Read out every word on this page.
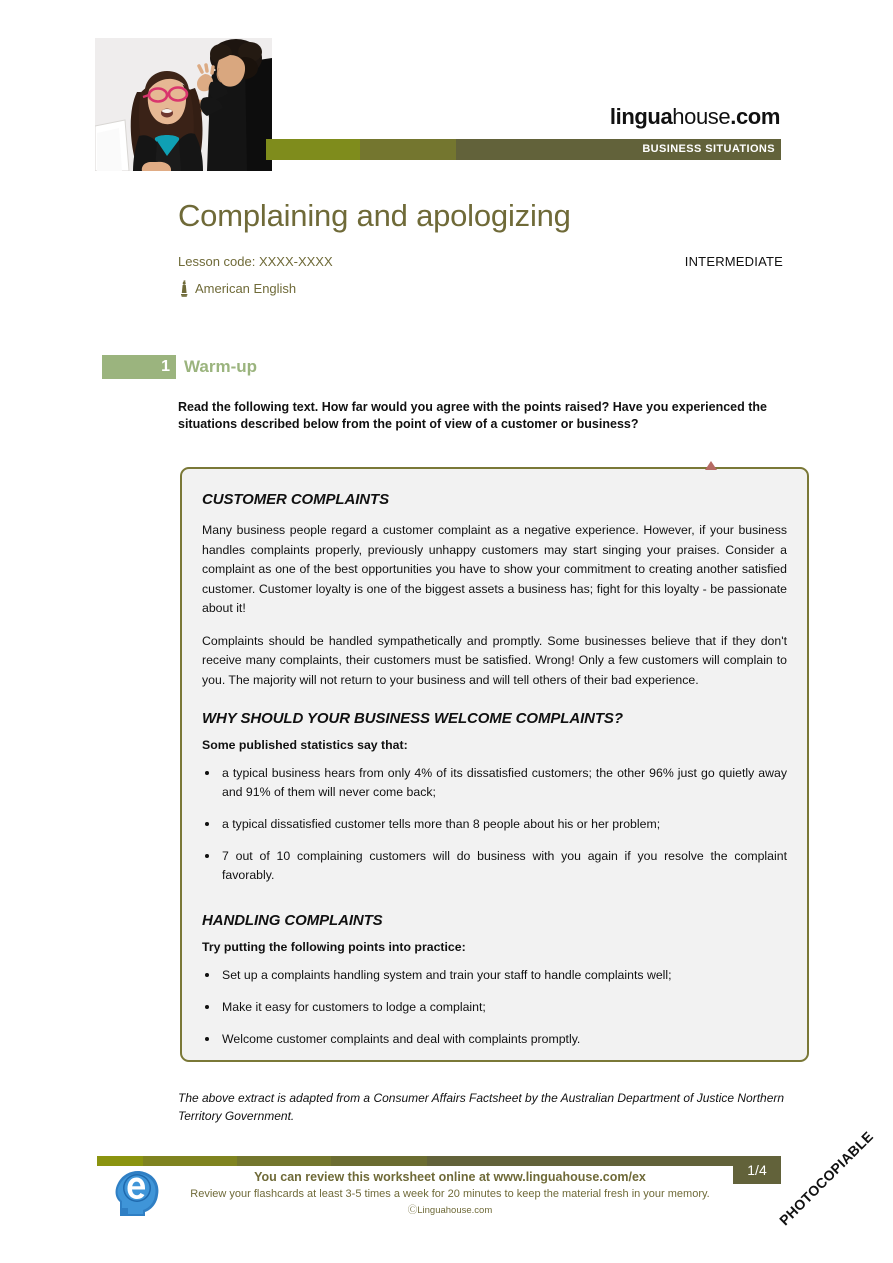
linguahouse.com
BUSINESS SITUATIONS
Complaining and apologizing
Lesson code: XXXX-XXXX	INTERMEDIATE
American English
1 Warm-up
Read the following text. How far would you agree with the points raised? Have you experienced the situations described below from the point of view of a customer or business?
CUSTOMER COMPLAINTS

Many business people regard a customer complaint as a negative experience. However, if your business handles complaints properly, previously unhappy customers may start singing your praises. Consider a complaint as one of the best opportunities you have to show your commitment to creating another satisfied customer. Customer loyalty is one of the biggest assets a business has; fight for this loyalty - be passionate about it!

Complaints should be handled sympathetically and promptly. Some businesses believe that if they don't receive many complaints, their customers must be satisfied. Wrong! Only a few customers will complain to you. The majority will not return to your business and will tell others of their bad experience.

WHY SHOULD YOUR BUSINESS WELCOME COMPLAINTS?

Some published statistics say that:

a typical business hears from only 4% of its dissatisfied customers; the other 96% just go quietly away and 91% of them will never come back;
a typical dissatisfied customer tells more than 8 people about his or her problem;
7 out of 10 complaining customers will do business with you again if you resolve the complaint favorably.
HANDLING COMPLAINTS

Try putting the following points into practice:

Set up a complaints handling system and train your staff to handle complaints well;
Make it easy for customers to lodge a complaint;
Welcome customer complaints and deal with complaints promptly.
The above extract is adapted from a Consumer Affairs Factsheet by the Australian Department of Justice Northern Territory Government.
1/4
You can review this worksheet online at www.linguahouse.com/ex
Review your flashcards at least 3-5 times a week for 20 minutes to keep the material fresh in your memory.
ⒸLinguahouse.com	PHOTOCOPIABLE
